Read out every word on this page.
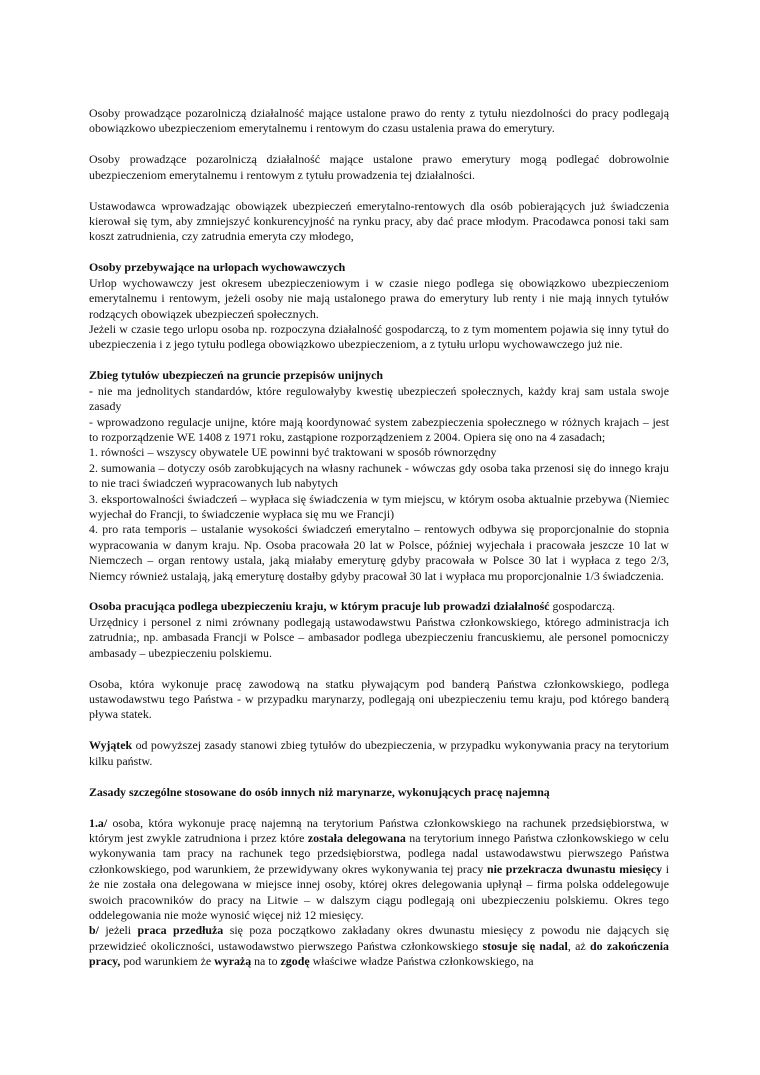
Osoby prowadzące pozarolniczą działalność mające ustalone prawo do renty z tytułu niezdolności do pracy podlegają obowiązkowo ubezpieczeniom emerytalnemu i rentowym do czasu ustalenia prawa do emerytury.

Osoby prowadzące pozarolniczą działalność mające ustalone prawo emerytury mogą podlegać dobrowolnie ubezpieczeniom emerytalnemu i rentowym z tytułu prowadzenia tej działalności.

Ustawodawca wprowadzając obowiązek ubezpieczeń emerytalno-rentowych dla osób pobierających już świadczenia kierował się tym, aby zmniejszyć konkurencyjność na rynku pracy, aby dać prace młodym. Pracodawca ponosi taki sam koszt zatrudnienia, czy zatrudnia emeryta czy młodego,

Osoby przebywające na urlopach wychowawczych

Urlop wychowawczy jest okresem ubezpieczeniowym i w czasie niego podlega się obowiązkowo ubezpieczeniom emerytalnemu i rentowym, jeżeli osoby nie mają ustalonego prawa do emerytury lub renty i nie mają innych tytułów rodzących obowiązek ubezpieczeń społecznych.

Jeżeli w czasie tego urlopu osoba np. rozpoczyna działalność gospodarczą, to z tym momentem pojawia się inny tytuł do ubezpieczenia i z jego tytułu podlega obowiązkowo ubezpieczeniom, a z tytułu urlopu wychowawczego już nie.

Zbieg tytułów ubezpieczeń na gruncie przepisów unijnych

- nie ma jednolitych standardów, które regulowałyby kwestię ubezpieczeń społecznych, każdy kraj sam ustala swoje zasady

- wprowadzono regulacje unijne, które mają koordynować system zabezpieczenia społecznego w różnych krajach – jest to rozporządzenie WE 1408 z 1971 roku, zastąpione rozporządzeniem z 2004. Opiera się ono na 4 zasadach;

1. równości – wszyscy obywatele UE powinni być traktowani w sposób równorzędny

2. sumowania – dotyczy osób zarobkujących na własny rachunek - wówczas gdy osoba taka przenosi się do innego kraju to nie traci świadczeń wypracowanych lub nabytych

3. eksportowalności świadczeń – wypłaca się świadczenia w tym miejscu, w którym osoba aktualnie przebywa (Niemiec wyjechał do Francji, to świadczenie wypłaca się mu we Francji)

4. pro rata temporis – ustalanie wysokości świadczeń emerytalno – rentowych odbywa się proporcjonalnie do stopnia wypracowania w danym kraju. Np. Osoba pracowała 20 lat w Polsce, później wyjechała i pracowała jeszcze 10 lat w Niemczech – organ rentowy ustala, jaką miałaby emeryturę gdyby pracowała w Polsce 30 lat i wypłaca z tego 2/3, Niemcy również ustalają, jaką emeryturę dostałby gdyby pracował 30 lat i wypłaca mu proporcjonalnie 1/3 świadczenia.

Osoba pracująca podlega ubezpieczeniu kraju, w którym pracuje lub prowadzi działalność gospodarczą.

Urzędnicy i personel z nimi zrównany podlegają ustawodawstwu Państwa członkowskiego, którego administracja ich zatrudnia;, np. ambasada Francji w Polsce – ambasador podlega ubezpieczeniu francuskiemu, ale personel pomocniczy ambasady – ubezpieczeniu polskiemu.

Osoba, która wykonuje pracę zawodową na statku pływającym pod banderą Państwa członkowskiego, podlega ustawodawstwu tego Państwa - w przypadku marynarzy, podlegają oni ubezpieczeniu temu kraju, pod którego banderą pływa statek.

Wyjątek od powyższej zasady stanowi zbieg tytułów do ubezpieczenia, w przypadku wykonywania pracy na terytorium kilku państw.

Zasady szczególne stosowane do osób innych niż marynarze, wykonujących pracę najemną

1.a/ osoba, która wykonuje pracę najemną na terytorium Państwa członkowskiego na rachunek przedsiębiorstwa, w którym jest zwykle zatrudniona i przez które została delegowana na terytorium innego Państwa członkowskiego w celu wykonywania tam pracy na rachunek tego przedsiębiorstwa, podlega nadal ustawodawstwu pierwszego Państwa członkowskiego, pod warunkiem, że przewidywany okres wykonywania tej pracy nie przekracza dwunastu miesięcy i że nie została ona delegowana w miejsce innej osoby, której okres delegowania upłynął – firma polska oddelegowuje swoich pracowników do pracy na Litwie – w dalszym ciągu podlegają oni ubezpieczeniu polskiemu. Okres tego oddelegowania nie może wynosić więcej niż 12 miesięcy.

b/ jeżeli praca przedłuża się poza początkowo zakładany okres dwunastu miesięcy z powodu nie dających się przewidzieć okoliczności, ustawodawstwo pierwszego Państwa członkowskiego stosuje się nadal, aż do zakończenia pracy, pod warunkiem że wyrażą na to zgodę właściwe władze Państwa członkowskiego, na
